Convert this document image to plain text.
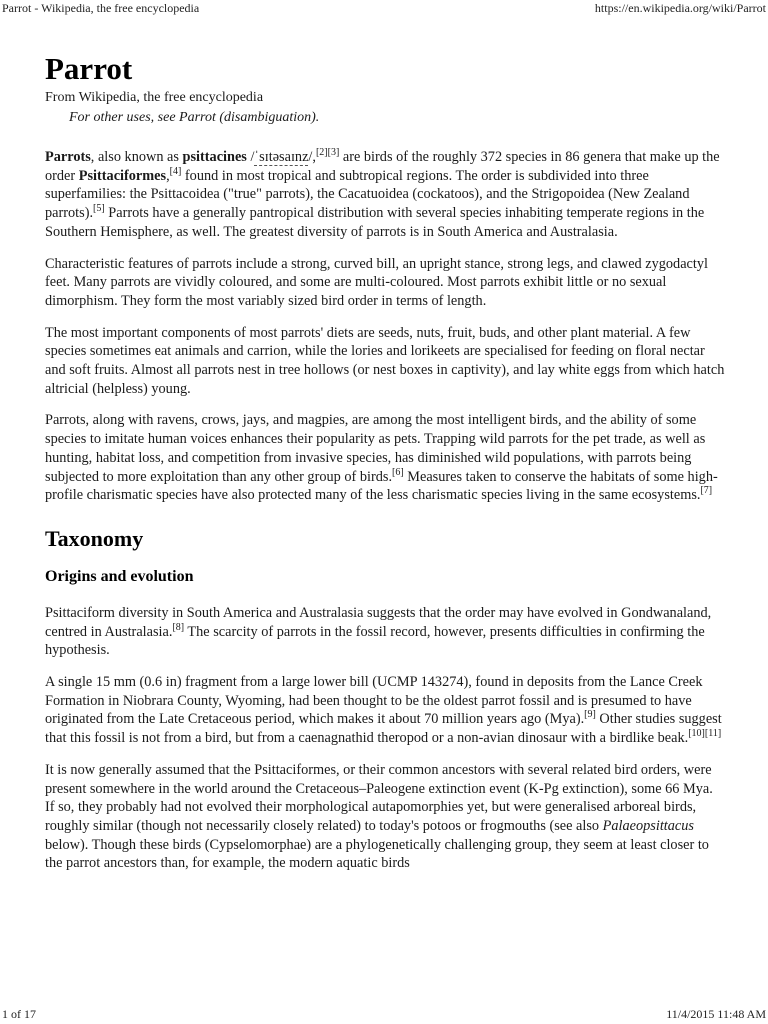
Parrot - Wikipedia, the free encyclopedia	https://en.wikipedia.org/wiki/Parrot
Parrot
From Wikipedia, the free encyclopedia
For other uses, see Parrot (disambiguation).

Parrots, also known as psittacines /ˈsɪtəsaɪnz/,[2][3] are birds of the roughly 372 species in 86 genera that make up the order Psittaciformes,[4] found in most tropical and subtropical regions. The order is subdivided into three superfamilies: the Psittacoidea ("true" parrots), the Cacatuoidea (cockatoos), and the Strigopoidea (New Zealand parrots).[5] Parrots have a generally pantropical distribution with several species inhabiting temperate regions in the Southern Hemisphere, as well. The greatest diversity of parrots is in South America and Australasia.

Characteristic features of parrots include a strong, curved bill, an upright stance, strong legs, and clawed zygodactyl feet. Many parrots are vividly coloured, and some are multi-coloured. Most parrots exhibit little or no sexual dimorphism. They form the most variably sized bird order in terms of length.

The most important components of most parrots' diets are seeds, nuts, fruit, buds, and other plant material. A few species sometimes eat animals and carrion, while the lories and lorikeets are specialised for feeding on floral nectar and soft fruits. Almost all parrots nest in tree hollows (or nest boxes in captivity), and lay white eggs from which hatch altricial (helpless) young.

Parrots, along with ravens, crows, jays, and magpies, are among the most intelligent birds, and the ability of some species to imitate human voices enhances their popularity as pets. Trapping wild parrots for the pet trade, as well as hunting, habitat loss, and competition from invasive species, has diminished wild populations, with parrots being subjected to more exploitation than any other group of birds.[6] Measures taken to conserve the habitats of some high-profile charismatic species have also protected many of the less charismatic species living in the same ecosystems.[7]

Taxonomy
Origins and evolution

Psittaciform diversity in South America and Australasia suggests that the order may have evolved in Gondwanaland, centred in Australasia.[8] The scarcity of parrots in the fossil record, however, presents difficulties in confirming the hypothesis.

A single 15 mm (0.6 in) fragment from a large lower bill (UCMP 143274), found in deposits from the Lance Creek Formation in Niobrara County, Wyoming, had been thought to be the oldest parrot fossil and is presumed to have originated from the Late Cretaceous period, which makes it about 70 million years ago (Mya).[9] Other studies suggest that this fossil is not from a bird, but from a caenagnathid theropod or a non-avian dinosaur with a birdlike beak.[10][11]

It is now generally assumed that the Psittaciformes, or their common ancestors with several related bird orders, were present somewhere in the world around the Cretaceous–Paleogene extinction event (K-Pg extinction), some 66 Mya. If so, they probably had not evolved their morphological autapomorphies yet, but were generalised arboreal birds, roughly similar (though not necessarily closely related) to today's potoos or frogmouths (see also Palaeopsittacus below). Though these birds (Cypselomorphae) are a phylogenetically challenging group, they seem at least closer to the parrot ancestors than, for example, the modern aquatic birds

1 of 17	11/4/2015 11:48 AM
